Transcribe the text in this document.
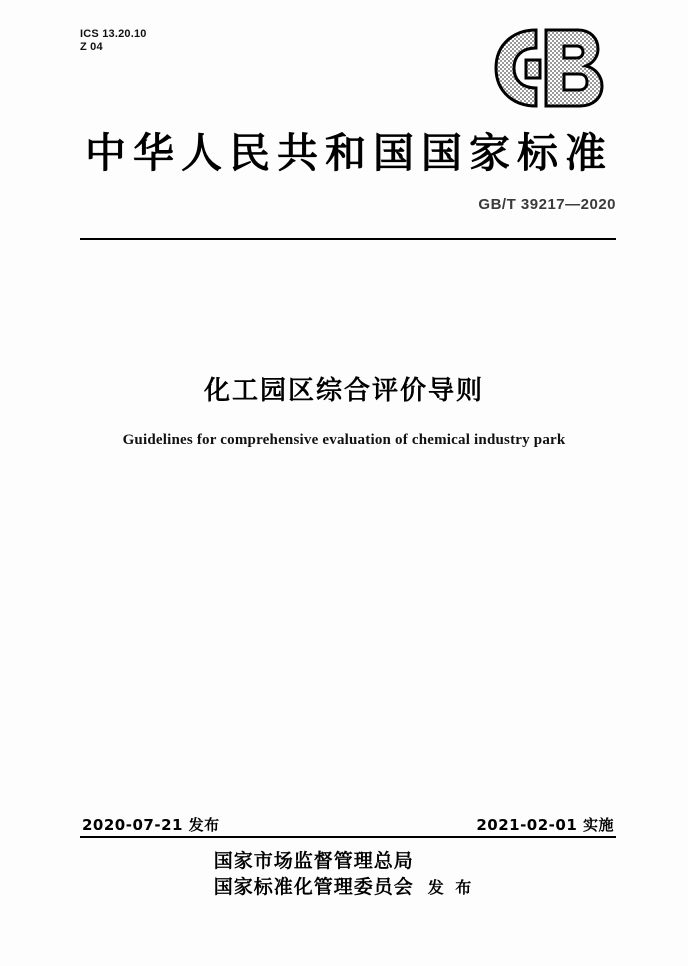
ICS 13.20.10
Z 04
中华人民共和国国家标准
GB/T 39217—2020
化工园区综合评价导则
Guidelines for comprehensive evaluation of chemical industry park
2020-07-21 发布	2021-02-01 实施
国家市场监督管理总局
国家标准化管理委员会 发 布
